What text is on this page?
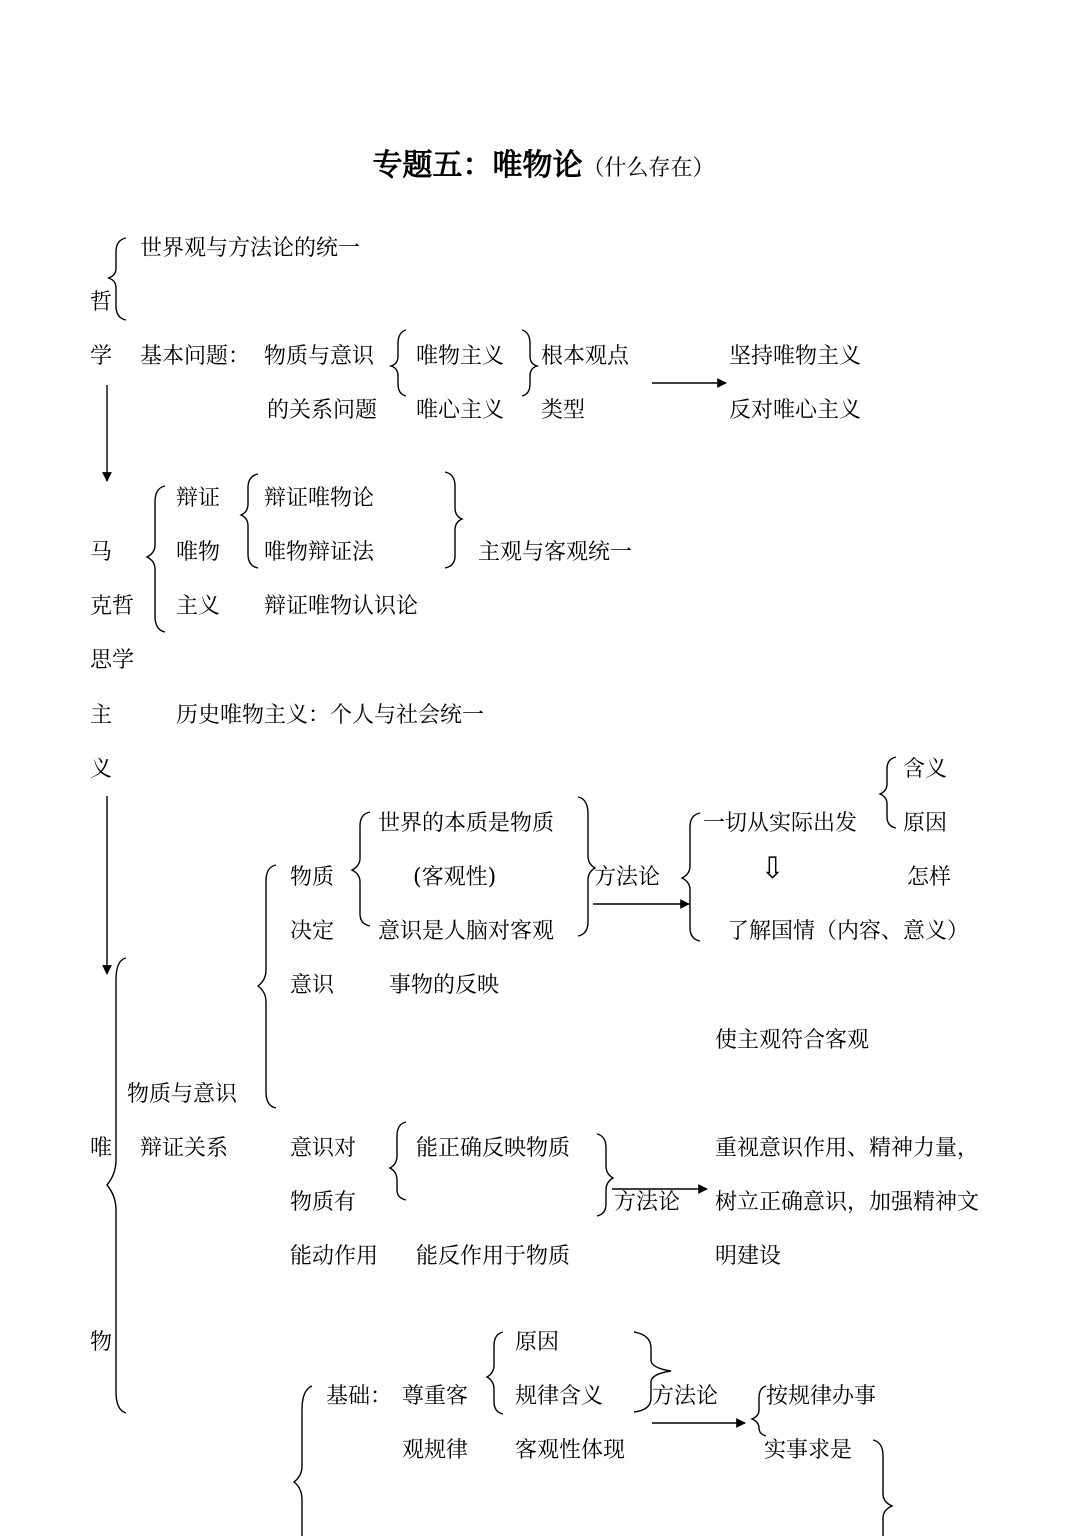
专题五：唯物论（什么存在）
世界观与方法论的统一
哲
学 基本问题： 物质与意识
的关系问题
唯物主义
唯心主义
根本观点
类型
坚持唯物主义
反对唯心主义
辩证
唯物
主义
辩证唯物论
唯物辩证法
辩证唯物认识论
主观与客观统一
马
克哲
思学
主
义
历史唯物主义：个人与社会统一
含义
世界的本质是物质	一切从实际出发 原因
物质	(客观性)	方法论	⇩	怎样
决定 意识是人脑对客观	了解国情（内容、意义）
意识 事物的反映
使主观符合客观
物质与意识
唯 辩证关系	意识对	能正确反映物质	重视意识作用、精神力量，
物质有	方法论 树立正确意识，加强精神文
能动作用 能反作用于物质	明建设
物	原因
基础： 尊重客 规律含义 方法论 按规律办事
观规律 客观性体现	实事求是
